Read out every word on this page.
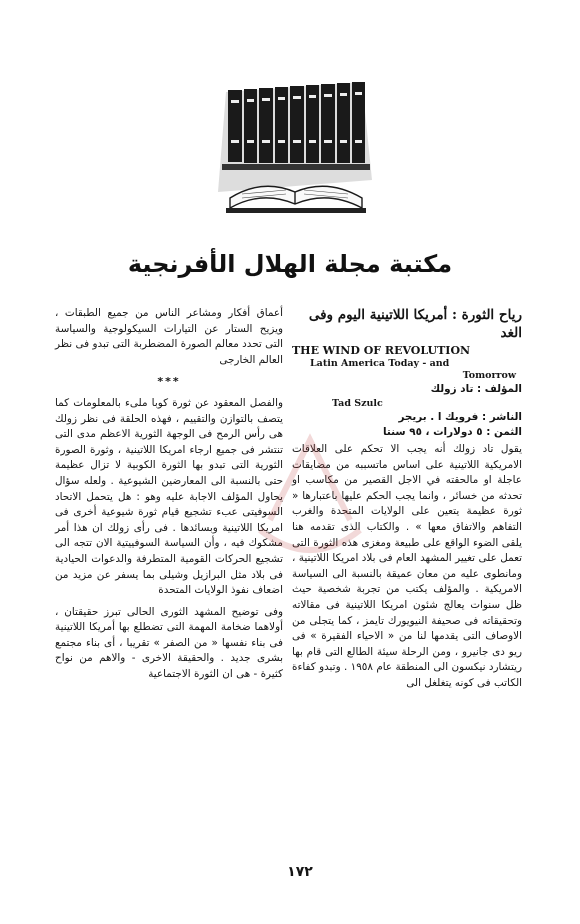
مكتبة مجلة الهلال الأفرنجية
رياح الثورة : أمريكا اللاتينية اليوم وفى الغد
THE WIND OF REVOLUTION
Latin America Today - and
Tomorrow
المؤلف : تاد زولك
Tad Szulc
الناشر : فرويك ا . بريجر
الثمن : ٥ دولارات ، ٩٥ سنتا

يقول تاد زولك أنه يجب الا تحكم على العلاقات الامريكية اللاتينية على اساس ماتسببه من مضايقات عاجلة او مالحقته في الاجل القصير من مكاسب او تحدثه من خسائر ، وانما يجب الحكم عليها باعتبارها « ثورة عظيمة يتعين على الولايات المتحدة والغرب التفاهم والاتفاق معها » . والكتاب الذى تقدمه هنا يلقى الضوء الواقع على طبيعة ومغزى هذه الثورة التى تعمل على تغيير المشهد العام فى بلاد امريكا اللاتينية ، ومانطوى عليه من معان عميقة بالنسبة الى السياسة الامريكية . والمؤلف يكتب من تجربة شخصية حيث ظل سنوات يعالج شئون امريكا اللاتينية فى مقالاته وتحقيقاته فى صحيفة النيويورك تايمز ، كما يتجلى من الاوصاف التى يقدمها لنا من « الاحياء الفقيرة » فى ريو دى جانيرو ، ومن الرحلة سيئة الطالع التى قام بها ريتشارد نيكسون الى المنطقة عام ١٩٥٨ . وتبدو كفاءة الكاتب فى كونه يتغلغل الى

أعماق أفكار ومشاعر الناس من جميع الطبقات ، ويزيح الستار عن التيارات السيكولوجية والسياسة التى تحدد معالم الصورة المضطربة التى تبدو فى نظر العالم الخارجى

***

والفصل المعقود عن ثورة كوبا ملىء بالمعلومات كما يتصف بالتوازن والتقييم ، فهذه الحلقة فى نظر زولك هى رأس الرمح فى الوجهة الثورية الاعظم مدى التى تنتشر فى جميع ارجاء امريكا اللاتينية ، وثورة الصورة الثورية التى تبدو بها الثورة الكوبية لا تزال عظيمة حتى بالنسبة الى المعارضين الشيوعية . ولعله سؤال يحاول المؤلف الاجابة عليه وهو : هل يتحمل الاتحاد السوفيتى عبء تشجيع قيام ثورة شيوعية أخرى فى امريكا اللاتينية وبسائدها . فى رأى زولك ان هذا أمر مشكوك فيه ، وأن السياسة السوفييتية الان تتجه الى تشجيع الحركات القومية المتطرفة والدعوات الحيادية فى بلاد مثل البرازيل وشيلى بما يسفر عن مزيد من اضعاف نفوذ الولايات المتحدة

وفى توضيح المشهد الثورى الحالى تبرز حقيقتان ، أولاهما ضخامة المهمة التى تضطلع بها أمريكا اللاتينية فى بناء نفسها « من الصفر » تقريبا ، أى بناء مجتمع بشرى جديد . والحقيقة الاخرى - والاهم من نواح كثيرة - هى ان الثورة الاجتماعية

١٧٢
